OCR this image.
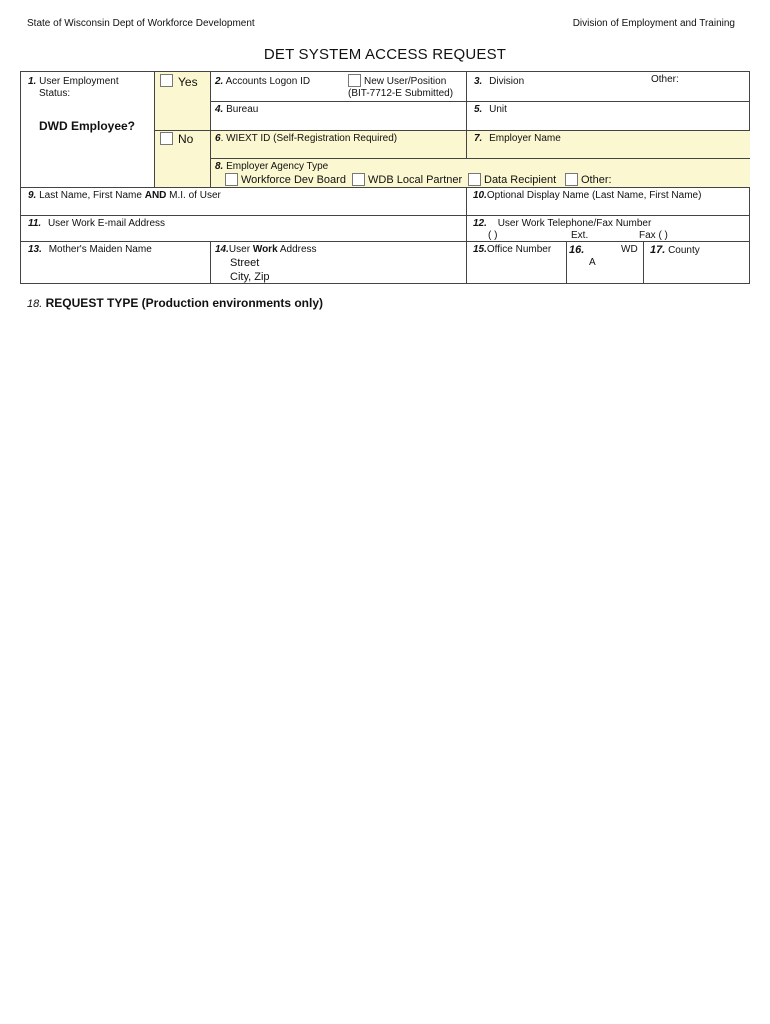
State of Wisconsin Dept of Workforce Development	Division of Employment and Training
DET SYSTEM ACCESS REQUEST
1. User Employment
Status:
DWD Employee?
Yes
No
2. Accounts Logon ID	New User/Position
(BIT-7712-E Submitted)
3. Division	Other:
4. Bureau	5. Unit
6. WIEXT ID (Self-Registration Required)	7. Employer Name
8. Employer Agency Type
Workforce Dev Board WDB Local Partner Data Recipient Other:
9. Last Name, First Name AND M.I. of User	10.Optional Display Name (Last Name, First Name)
11. User Work E-mail Address	12. User Work Telephone/Fax Number
( )	Ext.	Fax ( )
13. Mother's Maiden Name	14.User Work Address
Street
City, Zip
15.Office Number 16.	WD
A
17. County
18. REQUEST TYPE (Production environments only)
